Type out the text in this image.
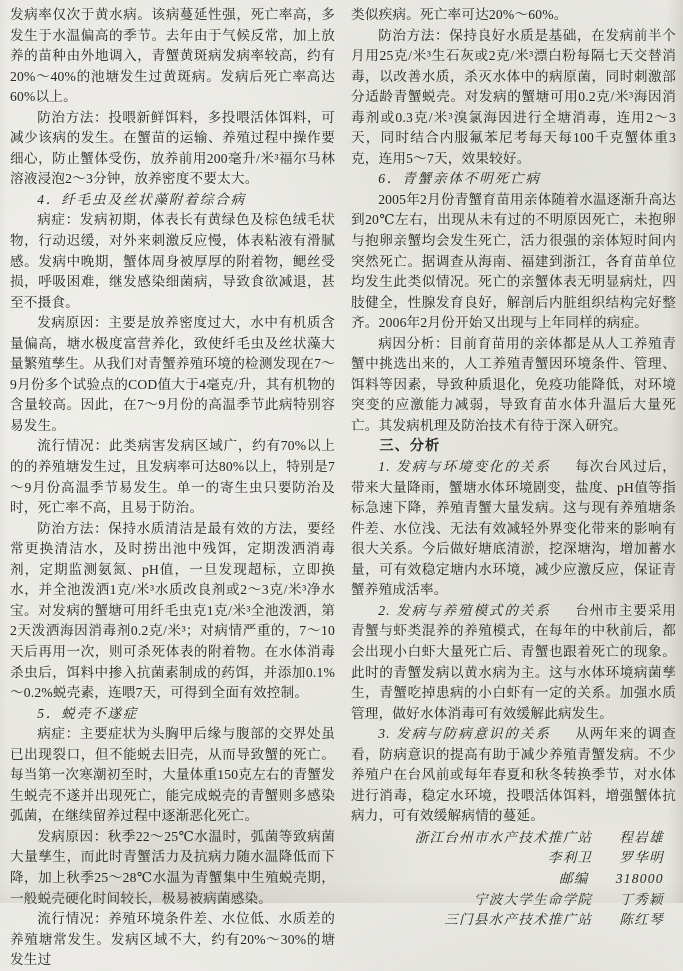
发病率仅次于黄水病。该病蔓延性强，死亡率高，多发生于水温偏高的季节。去年由于气候反常，加上放养的苗种由外地调入，青蟹黄斑病发病率较高，约有20%～40%的池塘发生过黄斑病。发病后死亡率高达60%以上。

防治方法：投喂新鲜饵料，多投喂活体饵料，可减少该病的发生。在蟹苗的运输、养殖过程中操作要细心，防止蟹体受伤，放养前用200毫升/米³福尔马林溶液浸泡2～3分钟，放养密度不要太大。

4．纤毛虫及丝状藻附着综合病

病症：发病初期，体表长有黄绿色及棕色绒毛状物，行动迟缓，对外来刺激反应慢，体表粘液有滑腻感。发病中晚期，蟹体周身被厚厚的附着物，鳃丝受损，呼吸困难，继发感染细菌病，导致食欲减退，甚至不摄食。

发病原因：主要是放养密度过大，水中有机质含量偏高，塘水极度富营养化，致使纤毛虫及丝状藻大量繁殖孳生。从我们对青蟹养殖环境的检测发现在7～9月份多个试验点的COD值大于4毫克/升，其有机物的含量较高。因此，在7～9月份的高温季节此病特别容易发生。

流行情况：此类病害发病区域广，约有70%以上的的养殖塘发生过，且发病率可达80%以上，特别是7～9月份高温季节易发生。单一的寄生虫只要防治及时，死亡率不高，且易于防治。

防治方法：保持水质清洁是最有效的方法，要经常更换清洁水，及时捞出池中残饵，定期泼洒消毒剂，定期监测氨氮、pH值，一旦发现超标，立即换水，并全池泼洒1克/米³水质改良剂或2～3克/米³净水宝。对发病的蟹塘可用纤毛虫克1克/米³全池泼洒，第2天泼洒海因消毒剂0.2克/米³；对病情严重的，7～10天后再用一次，则可杀死体表的附着物。在水体消毒杀虫后，饵料中掺入抗菌素制成的药饵，并添加0.1%～0.2%蜕壳素，连喂7天，可得到全面有效控制。

5．蜕壳不遂症

病症：主要症状为头胸甲后缘与腹部的交界处虽已出现裂口，但不能蜕去旧壳，从而导致蟹的死亡。每当第一次寒潮初至时，大量体重150克左右的青蟹发生蜕壳不遂并出现死亡，能完成蜕壳的青蟹则多感染弧菌，在继续留养过程中逐渐恶化死亡。

发病原因：秋季22～25℃水温时，弧菌等致病菌大量孳生，而此时青蟹活力及抗病力随水温降低而下降，加上秋季25～28℃水温为青蟹集中生殖蜕壳期，一般蜕壳硬化时间较长，极易被病菌感染。

流行情况：养殖环境条件差、水位低、水质差的养殖塘常发生。发病区域不大，约有20%～30%的塘发生过

类似疾病。死亡率可达20%～60%。

防治方法：保持良好水质是基础，在发病前半个月用25克/米³生石灰或2克/米³漂白粉每隔七天交替消毒，以改善水质，杀灭水体中的病原菌，同时刺激部分适龄青蟹蜕壳。对发病的蟹塘可用0.2克/米³海因消毒剂或0.3克/米³溴氯海因进行全塘消毒，连用2～3天，同时结合内服氟苯尼考每天每100千克蟹体重3克，连用5～7天，效果较好。

6．青蟹亲体不明死亡病

2005年2月份青蟹育苗用亲体随着水温逐渐升高达到20℃左右，出现从未有过的不明原因死亡，未抱卵与抱卵亲蟹均会发生死亡，活力很强的亲体短时间内突然死亡。据调查从海南、福建到浙江，各育苗单位均发生此类似情况。死亡的亲蟹体表无明显病灶，四肢健全，性腺发育良好，解剖后内脏组织结构完好整齐。2006年2月份开始又出现与上年同样的病症。

病因分析：目前育苗用的亲体都是从人工养殖青蟹中挑选出来的，人工养殖青蟹因环境条件、管理、饵料等因素，导致种质退化，免疫功能降低，对环境突变的应激能力减弱，导致育苗水体升温后大量死亡。其发病机理及防治技术有待于深入研究。

三、分析

1. 发病与环境变化的关系 每次台风过后，带来大量降雨，蟹塘水体环境剧变，盐度、pH值等指标急速下降，养殖青蟹大量发病。这与现有养殖塘条件差、水位浅、无法有效减轻外界变化带来的影响有很大关系。今后做好塘底清淤，挖深塘沟，增加蓄水量，可有效稳定塘内水环境，减少应激反应，保证青蟹养殖成活率。

2. 发病与养殖模式的关系 台州市主要采用青蟹与虾类混养的养殖模式，在每年的中秋前后，都会出现小白虾大量死亡后、青蟹也跟着死亡的现象。此时的青蟹发病以黄水病为主。这与水体环境病菌孳生，青蟹吃掉患病的小白虾有一定的关系。加强水质管理，做好水体消毒可有效缓解此病发生。

3. 发病与防病意识的关系 从两年来的调查看，防病意识的提高有助于减少养殖青蟹发病。不少养殖户在台风前或每年春夏和秋冬转换季节，对水体进行消毒，稳定水环境，投喂活体饵料，增强蟹体抗病力，可有效缓解病情的蔓延。

浙江台州市水产技术推广站 程岩雄
李利卫 罗华明
邮编 318000
宁波大学生命学院 丁秀颖
三门县水产技术推广站 陈红琴
